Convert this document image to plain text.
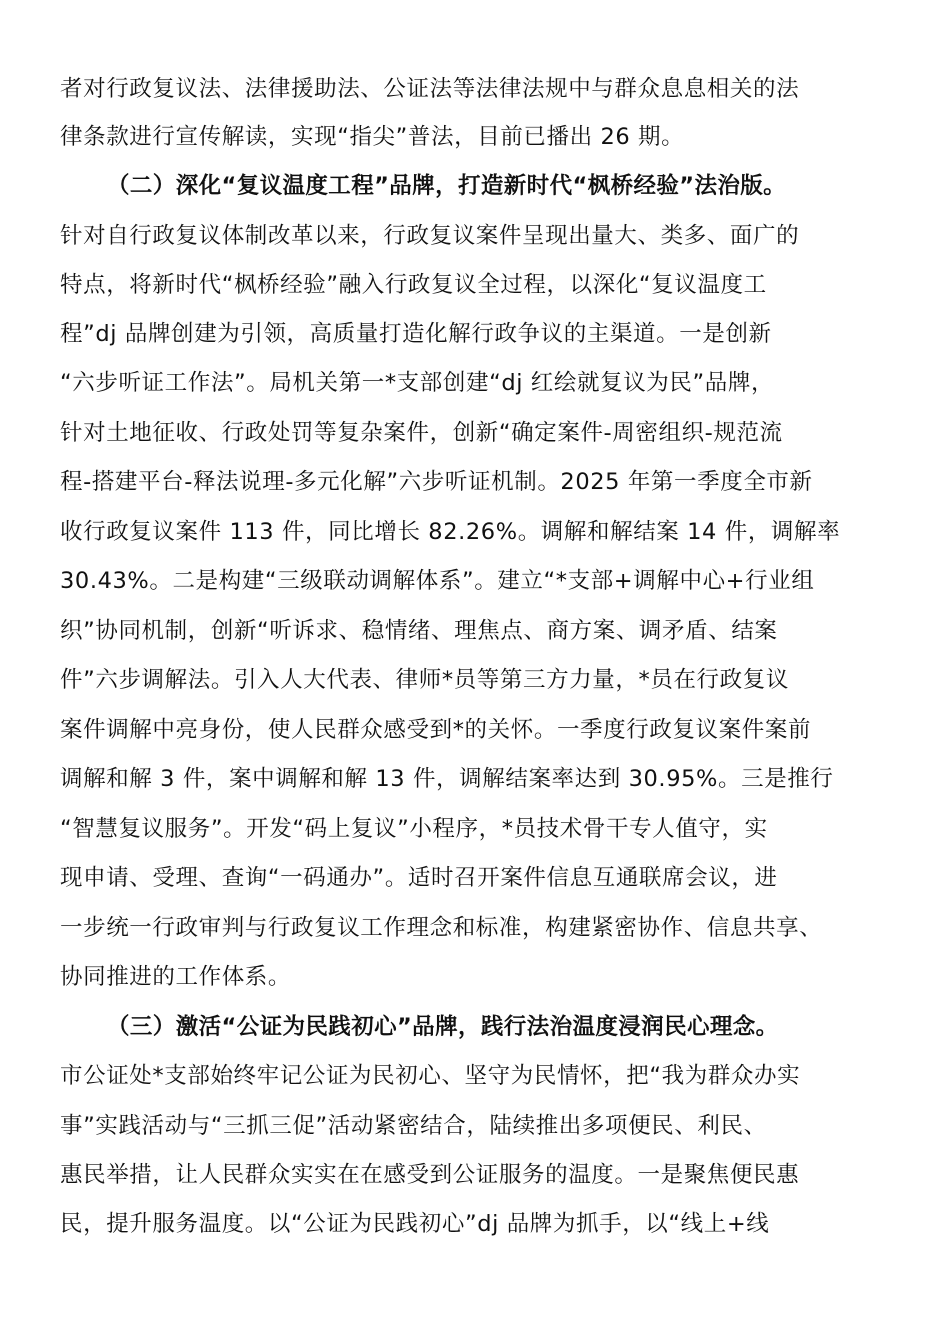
者对行政复议法、法律援助法、公证法等法律法规中与群众息息相关的法
律条款进行宣传解读，实现“指尖”普法，目前已播出 26 期。
（二）深化“复议温度工程”品牌，打造新时代“枫桥经验”法治版。
针对自行政复议体制改革以来，行政复议案件呈现出量大、类多、面广的
特点，将新时代“枫桥经验”融入行政复议全过程，以深化“复议温度工
程”dj 品牌创建为引领，高质量打造化解行政争议的主渠道。一是创新
“六步听证工作法”。局机关第一*支部创建“dj 红绘就复议为民”品牌，
针对土地征收、行政处罚等复杂案件，创新“确定案件-周密组织-规范流
程-搭建平台-释法说理-多元化解”六步听证机制。2025 年第一季度全市新
收行政复议案件 113 件，同比增长 82.26%。调解和解结案 14 件，调解率
30.43%。二是构建“三级联动调解体系”。建立“*支部+调解中心+行业组
织”协同机制，创新“听诉求、稳情绪、理焦点、商方案、调矛盾、结案
件”六步调解法。引入人大代表、律师*员等第三方力量，*员在行政复议
案件调解中亮身份，使人民群众感受到*的关怀。一季度行政复议案件案前
调解和解 3 件，案中调解和解 13 件，调解结案率达到 30.95%。三是推行
“智慧复议服务”。开发“码上复议”小程序，*员技术骨干专人值守，实
现申请、受理、查询“一码通办”。适时召开案件信息互通联席会议，进
一步统一行政审判与行政复议工作理念和标准，构建紧密协作、信息共享、
协同推进的工作体系。
（三）激活“公证为民践初心”品牌，践行法治温度浸润民心理念。
市公证处*支部始终牢记公证为民初心、坚守为民情怀，把“我为群众办实
事”实践活动与“三抓三促”活动紧密结合，陆续推出多项便民、利民、
惠民举措，让人民群众实实在在感受到公证服务的温度。一是聚焦便民惠
民，提升服务温度。以“公证为民践初心”dj 品牌为抓手，以“线上+线
